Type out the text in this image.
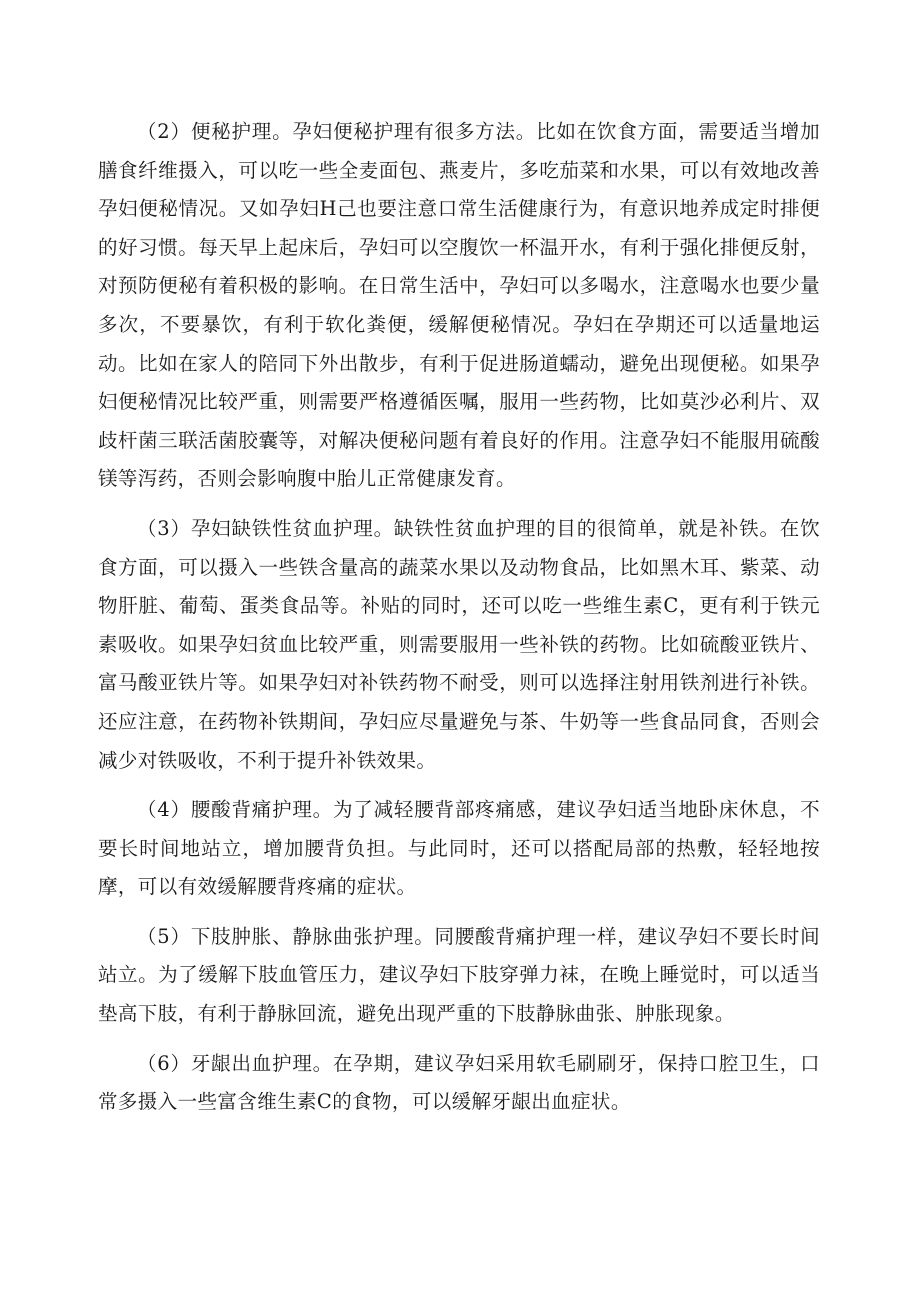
（2）便秘护理。孕妇便秘护理有很多方法。比如在饮食方面，需要适当增加膳食纤维摄入，可以吃一些全麦面包、燕麦片，多吃茄菜和水果，可以有效地改善孕妇便秘情况。又如孕妇H己也要注意口常生活健康行为，有意识地养成定时排便的好习惯。每天早上起床后，孕妇可以空腹饮一杯温开水，有利于强化排便反射，对预防便秘有着积极的影响。在日常生活中，孕妇可以多喝水，注意喝水也要少量多次，不要暴饮，有利于软化粪便，缓解便秘情况。孕妇在孕期还可以适量地运动。比如在家人的陪同下外出散步，有利于促进肠道蠕动，避免出现便秘。如果孕妇便秘情况比较严重，则需要严格遵循医嘱，服用一些药物，比如莫沙必利片、双歧杆菌三联活菌胶囊等，对解决便秘问题有着良好的作用。注意孕妇不能服用硫酸镁等泻药，否则会影响腹中胎儿正常健康发育。

（3）孕妇缺铁性贫血护理。缺铁性贫血护理的目的很简单，就是补铁。在饮食方面，可以摄入一些铁含量高的蔬菜水果以及动物食品，比如黑木耳、紫菜、动物肝脏、葡萄、蛋类食品等。补贴的同时，还可以吃一些维生素C，更有利于铁元素吸收。如果孕妇贫血比较严重，则需要服用一些补铁的药物。比如硫酸亚铁片、富马酸亚铁片等。如果孕妇对补铁药物不耐受，则可以选择注射用铁剂进行补铁。还应注意，在药物补铁期间，孕妇应尽量避免与茶、牛奶等一些食品同食，否则会减少对铁吸收，不利于提升补铁效果。

（4）腰酸背痛护理。为了减轻腰背部疼痛感，建议孕妇适当地卧床休息，不要长时间地站立，增加腰背负担。与此同时，还可以搭配局部的热敷，轻轻地按摩，可以有效缓解腰背疼痛的症状。

（5）下肢肿胀、静脉曲张护理。同腰酸背痛护理一样，建议孕妇不要长时间站立。为了缓解下肢血管压力，建议孕妇下肢穿弹力袜，在晚上睡觉时，可以适当垫高下肢，有利于静脉回流，避免出现严重的下肢静脉曲张、肿胀现象。

（6）牙龈出血护理。在孕期，建议孕妇采用软毛刷刷牙，保持口腔卫生，口常多摄入一些富含维生素C的食物，可以缓解牙龈出血症状。
